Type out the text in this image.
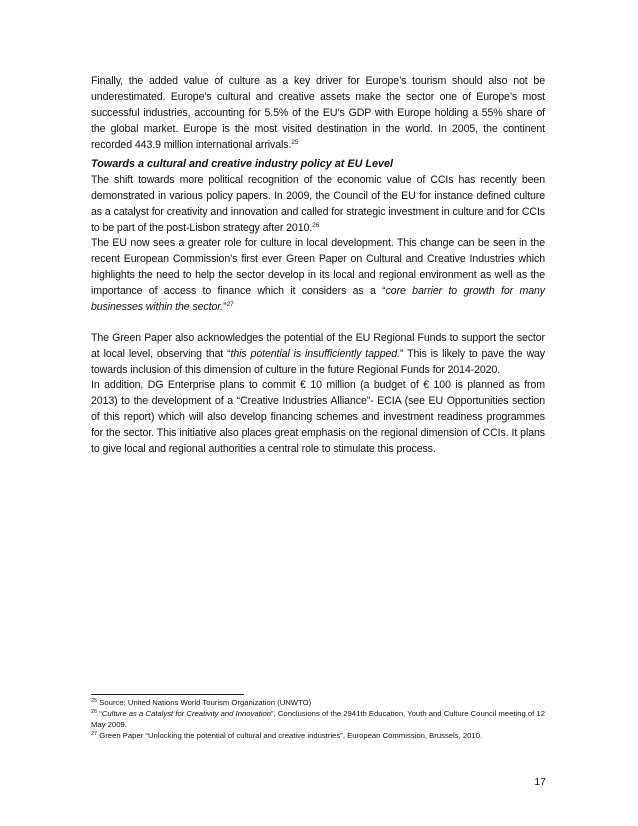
Finally, the added value of culture as a key driver for Europe’s tourism should also not be underestimated. Europe’s cultural and creative assets make the sector one of Europe’s most successful industries, accounting for 5.5% of the EU’s GDP with Europe holding a 55% share of the global market. Europe is the most visited destination in the world. In 2005, the continent recorded 443.9 million international arrivals.$^{25}$
Towards a cultural and creative industry policy at EU Level
The shift towards more political recognition of the economic value of CCIs has recently been demonstrated in various policy papers. In 2009, the Council of the EU for instance defined culture as a catalyst for creativity and innovation and called for strategic investment in culture and for CCIs to be part of the post-Lisbon strategy after 2010.26
The EU now sees a greater role for culture in local development. This change can be seen in the recent European Commission’s first ever Green Paper on Cultural and Creative Industries which highlights the need to help the sector develop in its local and regional environment as well as the importance of access to finance which it considers as a “core barrier to growth for many businesses within the sector.”$^{27}$
The Green Paper also acknowledges the potential of the EU Regional Funds to support the sector at local level, observing that “this potential is insufficiently tapped.” This is likely to pave the way towards inclusion of this dimension of culture in the future Regional Funds for 2014-2020.
In addition, DG Enterprise plans to commit € 10 million (a budget of € 100 is planned as from 2013) to the development of a “Creative Industries Alliance”- ECIA (see EU Opportunities section of this report) which will also develop financing schemes and investment readiness programmes for the sector. This initiative also places great emphasis on the regional dimension of CCIs. It plans to give local and regional authorities a central role to stimulate this process.
$^{25}$ Source: United Nations World Tourism Organization (UNWTO)
$^{26}$ “Culture as a Catalyst for Creativity and Innovation”, Conclusions of the 2941th Education, Youth and Culture Council meeting of 12 May 2009.
$^{27}$ Green Paper “Unlocking the potential of cultural and creative industries”, European Commission, Brussels, 2010.
17
